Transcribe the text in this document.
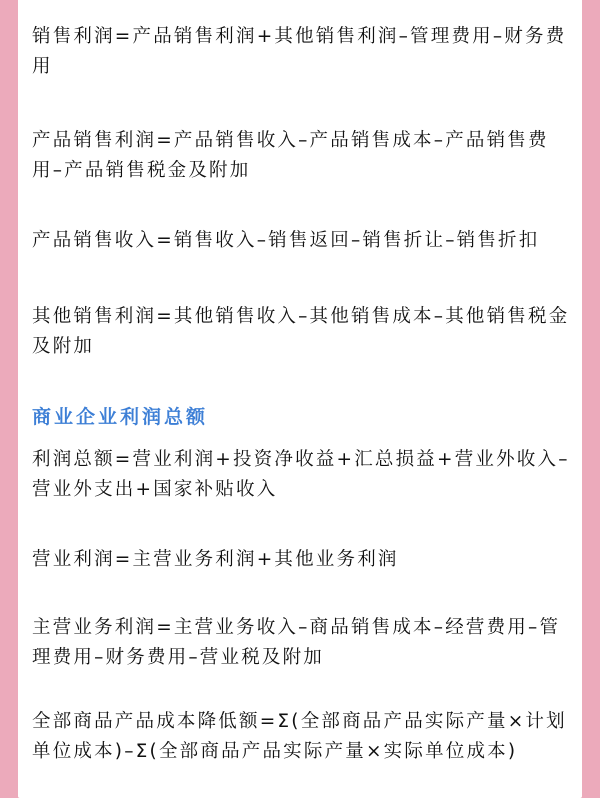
销售利润=产品销售利润+其他销售利润–管理费用–财务费用

产品销售利润=产品销售收入–产品销售成本–产品销售费用–产品销售税金及附加

产品销售收入=销售收入–销售返回–销售折让–销售折扣

其他销售利润=其他销售收入–其他销售成本–其他销售税金及附加

商业企业利润总额

利润总额=营业利润+投资净收益+汇总损益+营业外收入–营业外支出+国家补贴收入

营业利润=主营业务利润+其他业务利润

主营业务利润=主营业务收入–商品销售成本–经营费用–管理费用–财务费用–营业税及附加

全部商品产品成本降低额=Σ(全部商品产品实际产量×计划单位成本)–Σ(全部商品产品实际产量×实际单位成本)
